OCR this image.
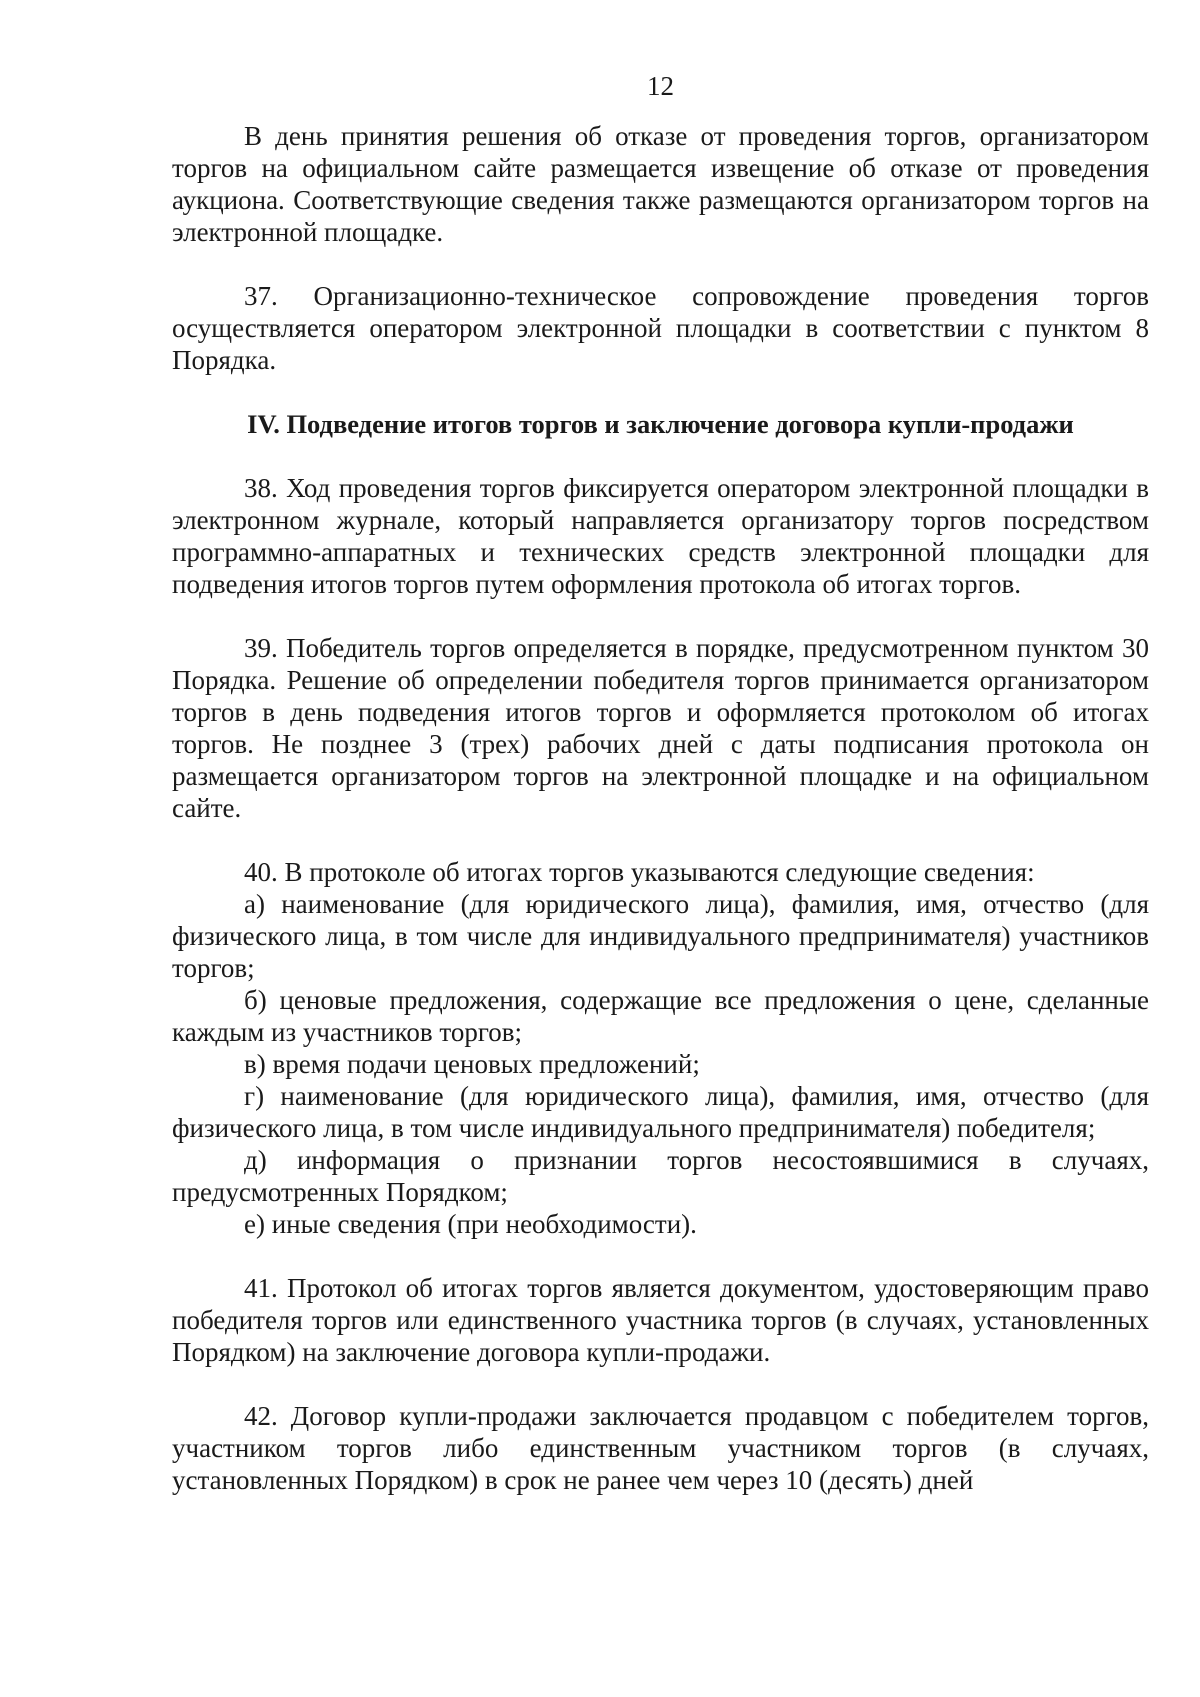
12

В день принятия решения об отказе от проведения торгов, организатором торгов на официальном сайте размещается извещение об отказе от проведения аукциона. Соответствующие сведения также размещаются организатором торгов на электронной площадке.

37. Организационно-техническое сопровождение проведения торгов осуществляется оператором электронной площадки в соответствии с пунктом 8 Порядка.

IV. Подведение итогов торгов и заключение договора купли-продажи

38. Ход проведения торгов фиксируется оператором электронной площадки в электронном журнале, который направляется организатору торгов посредством программно-аппаратных и технических средств электронной площадки для подведения итогов торгов путем оформления протокола об итогах торгов.

39. Победитель торгов определяется в порядке, предусмотренном пунктом 30 Порядка. Решение об определении победителя торгов принимается организатором торгов в день подведения итогов торгов и оформляется протоколом об итогах торгов. Не позднее 3 (трех) рабочих дней с даты подписания протокола он размещается организатором торгов на электронной площадке и на официальном сайте.

40. В протоколе об итогах торгов указываются следующие сведения:

а) наименование (для юридического лица), фамилия, имя, отчество (для физического лица, в том числе для индивидуального предпринимателя) участников торгов;

б) ценовые предложения, содержащие все предложения о цене, сделанные каждым из участников торгов;

в) время подачи ценовых предложений;

г) наименование (для юридического лица), фамилия, имя, отчество (для физического лица, в том числе индивидуального предпринимателя) победителя;

д) информация о признании торгов несостоявшимися в случаях, предусмотренных Порядком;

е) иные сведения (при необходимости).

41. Протокол об итогах торгов является документом, удостоверяющим право победителя торгов или единственного участника торгов (в случаях, установленных Порядком) на заключение договора купли-продажи.

42. Договор купли-продажи заключается продавцом с победителем торгов, участником торгов либо единственным участником торгов (в случаях, установленных Порядком) в срок не ранее чем через 10 (десять) дней
